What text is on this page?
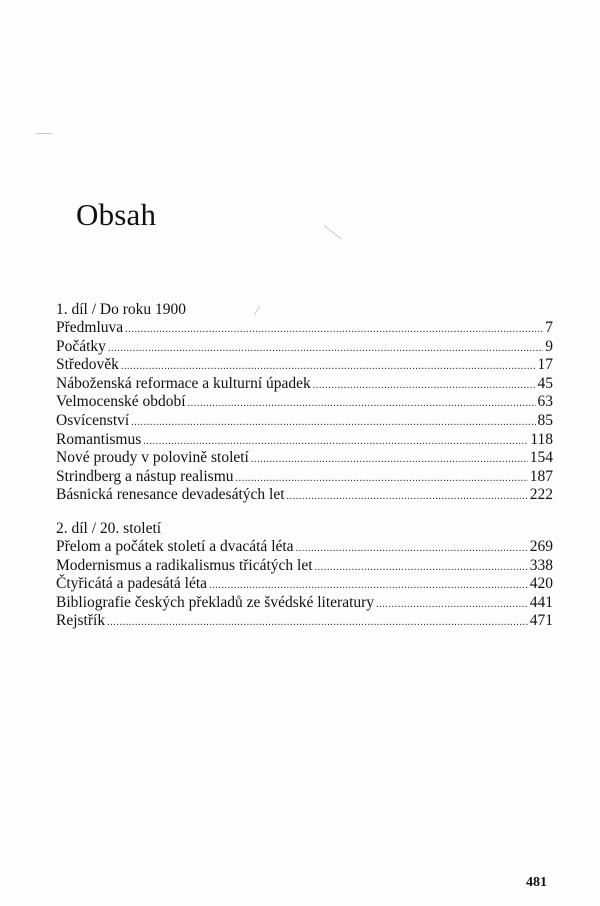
Obsah
1. díl / Do roku 1900
Předmluva .....	7
Počátky .....	9
Středověk .....	17
Náboženská reformace a kulturní úpadek .....	45
Velmocenské období .....	63
Osvícenství .....	85
Romantismus .....	118
Nové proudy v polovině století .....	154
Strindberg a nástup realismu .....	187
Básnická renesance devadesátých let .....	222
2. díl / 20. století
Přelom a počátek století a dvacátá léta .....	269
Modernismus a radikalismus třicátých let .....	338
Čtyřicátá a padesátá léta .....	420
Bibliografie českých překladů ze švédské literatury .....	441
Rejstřík .....	471
481
